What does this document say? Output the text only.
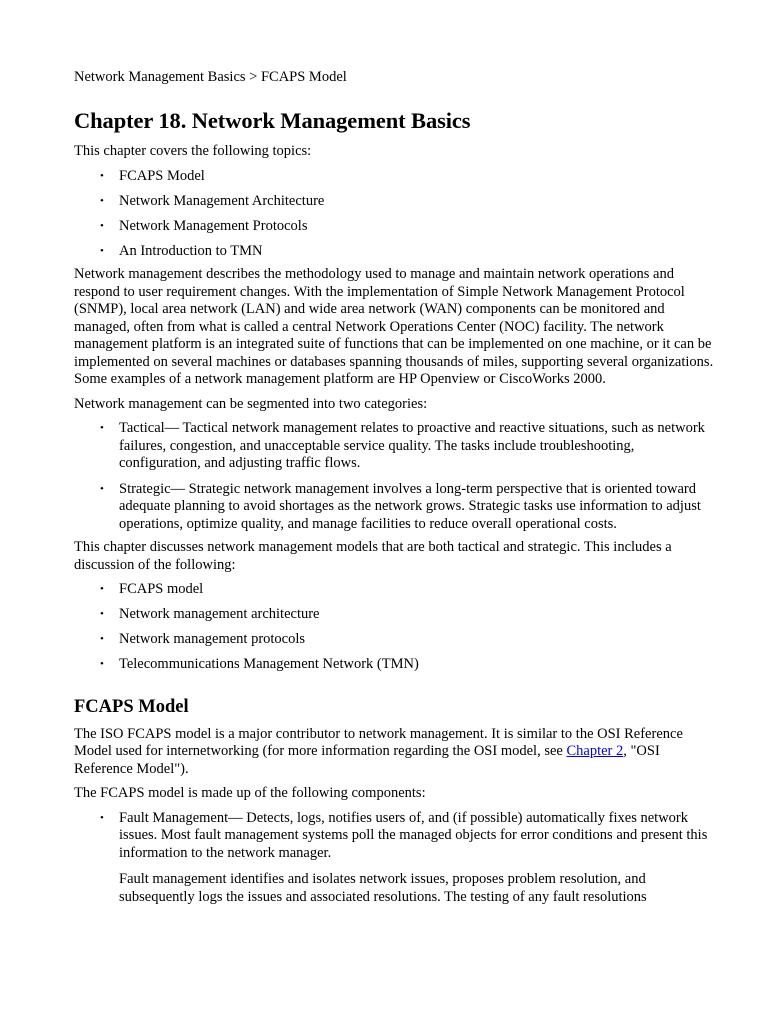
Network Management Basics > FCAPS Model

Chapter 18. Network Management Basics

This chapter covers the following topics:

• FCAPS Model
• Network Management Architecture
• Network Management Protocols
• An Introduction to TMN

Network management describes the methodology used to manage and maintain network operations and respond to user requirement changes. With the implementation of Simple Network Management Protocol (SNMP), local area network (LAN) and wide area network (WAN) components can be monitored and managed, often from what is called a central Network Operations Center (NOC) facility. The network management platform is an integrated suite of functions that can be implemented on one machine, or it can be implemented on several machines or databases spanning thousands of miles, supporting several organizations. Some examples of a network management platform are HP Openview or CiscoWorks 2000.

Network management can be segmented into two categories:

• Tactical— Tactical network management relates to proactive and reactive situations, such as network failures, congestion, and unacceptable service quality. The tasks include troubleshooting, configuration, and adjusting traffic flows.
• Strategic— Strategic network management involves a long-term perspective that is oriented toward adequate planning to avoid shortages as the network grows. Strategic tasks use information to adjust operations, optimize quality, and manage facilities to reduce overall operational costs.

This chapter discusses network management models that are both tactical and strategic. This includes a discussion of the following:

• FCAPS model
• Network management architecture
• Network management protocols
• Telecommunications Management Network (TMN)
FCAPS Model

The ISO FCAPS model is a major contributor to network management. It is similar to the OSI Reference Model used for internetworking (for more information regarding the OSI model, see Chapter 2, "OSI Reference Model").

The FCAPS model is made up of the following components:

• Fault Management— Detects, logs, notifies users of, and (if possible) automatically fixes network issues. Most fault management systems poll the managed objects for error conditions and present this information to the network manager.

Fault management identifies and isolates network issues, proposes problem resolution, and subsequently logs the issues and associated resolutions. The testing of any fault resolutions
